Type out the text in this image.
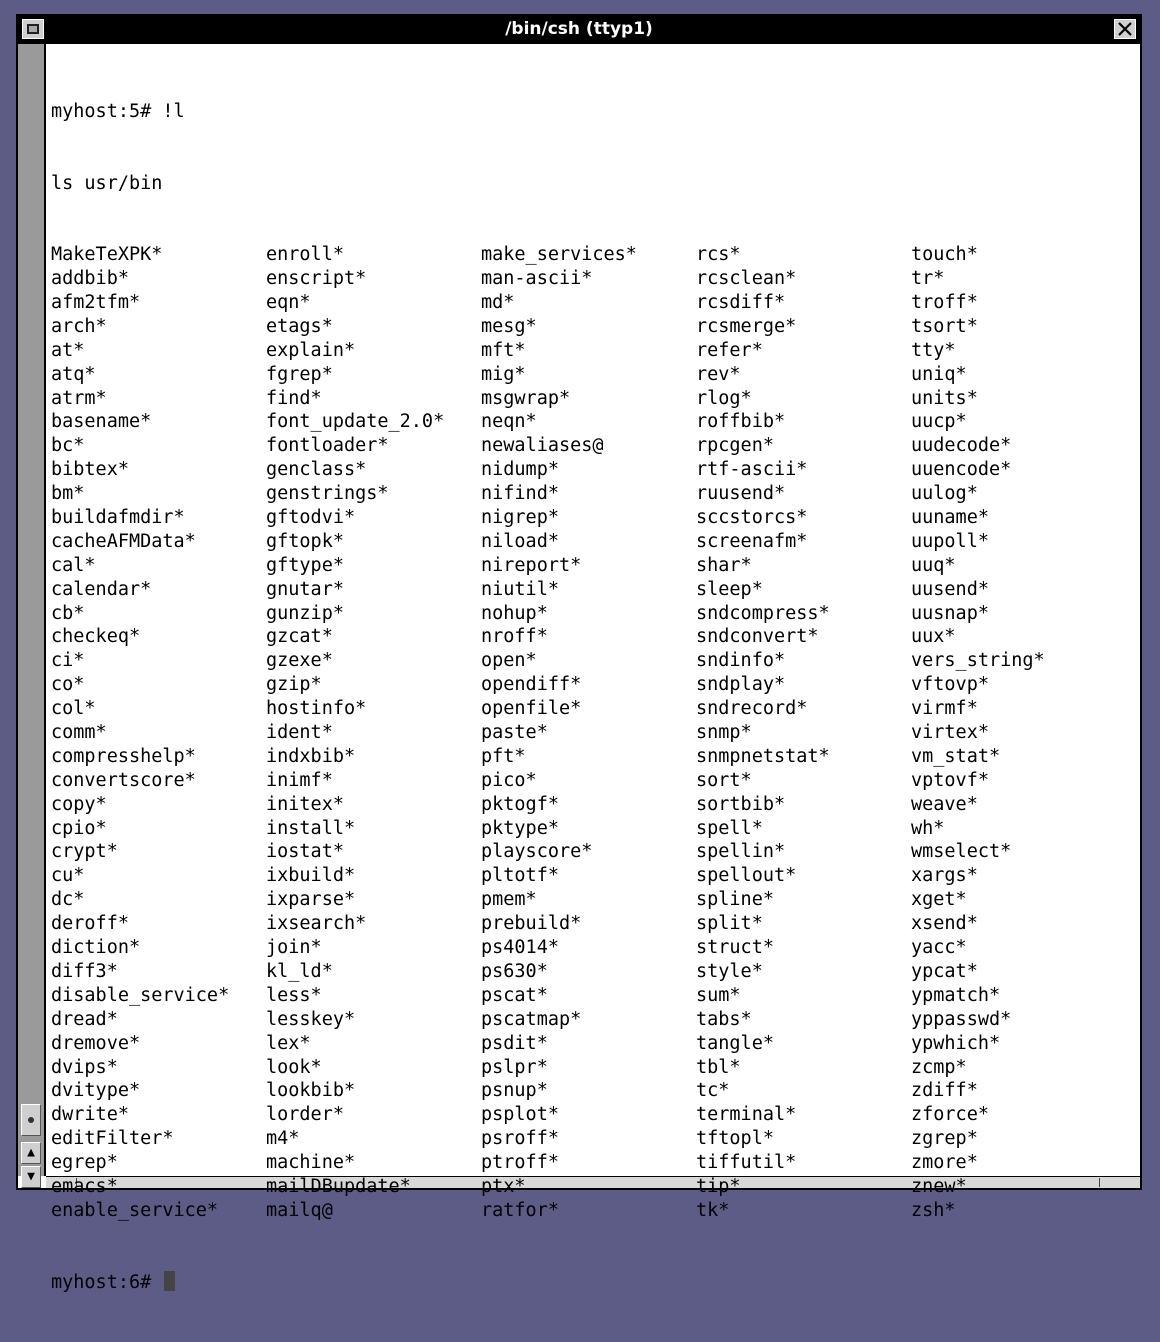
/bin/csh (ttyp1)
▲
▼

myhost:5# !l

ls usr/bin

MakeTeXPK*	enroll*	make_services*	rcs*	touch*
addbib*	enscript*	man-ascii*	rcsclean*	tr*
afm2tfm*	eqn*	md*	rcsdiff*	troff*
arch*	etags*	mesg*	rcsmerge*	tsort*
at*	explain*	mft*	refer*	tty*
atq*	fgrep*	mig*	rev*	uniq*
atrm*	find*	msgwrap*	rlog*	units*
basename*	font_update_2.0*	neqn*	roffbib*	uucp*
bc*	fontloader*	newaliases@	rpcgen*	uudecode*
bibtex*	genclass*	nidump*	rtf-ascii*	uuencode*
bm*	genstrings*	nifind*	ruusend*	uulog*
buildafmdir*	gftodvi*	nigrep*	sccstorcs*	uuname*
cacheAFMData*	gftopk*	niload*	screenafm*	uupoll*
cal*	gftype*	nireport*	shar*	uuq*
calendar*	gnutar*	niutil*	sleep*	uusend*
cb*	gunzip*	nohup*	sndcompress*	uusnap*
checkeq*	gzcat*	nroff*	sndconvert*	uux*
ci*	gzexe*	open*	sndinfo*	vers_string*
co*	gzip*	opendiff*	sndplay*	vftovp*
col*	hostinfo*	openfile*	sndrecord*	virmf*
comm*	ident*	paste*	snmp*	virtex*
compresshelp*	indxbib*	pft*	snmpnetstat*	vm_stat*
convertscore*	inimf*	pico*	sort*	vptovf*
copy*	initex*	pktogf*	sortbib*	weave*
cpio*	install*	pktype*	spell*	wh*
crypt*	iostat*	playscore*	spellin*	wmselect*
cu*	ixbuild*	pltotf*	spellout*	xargs*
dc*	ixparse*	pmem*	spline*	xget*
deroff*	ixsearch*	prebuild*	split*	xsend*
diction*	join*	ps4014*	struct*	yacc*
diff3*	kl_ld*	ps630*	style*	ypcat*
disable_service*	less*	pscat*	sum*	ypmatch*
dread*	lesskey*	pscatmap*	tabs*	yppasswd*
dremove*	lex*	psdit*	tangle*	ypwhich*
dvips*	look*	pslpr*	tbl*	zcmp*
dvitype*	lookbib*	psnup*	tc*	zdiff*
dwrite*	lorder*	psplot*	terminal*	zforce*
editFilter*	m4*	psroff*	tftopl*	zgrep*
egrep*	machine*	ptroff*	tiffutil*	zmore*
emacs*	mailDBupdate*	ptx*	tip*	znew*
enable_service*	mailq@	ratfor*	tk*	zsh*

myhost:6#
